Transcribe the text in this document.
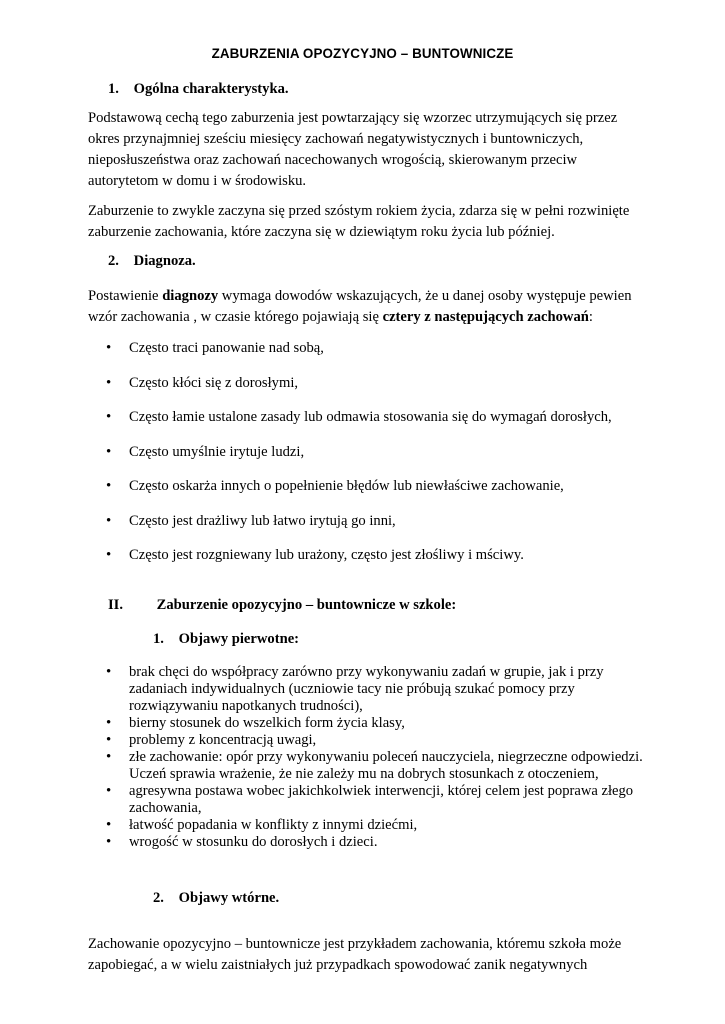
ZABURZENIA OPOZYCYJNO – BUNTOWNICZE
1. Ogólna charakterystyka.

Podstawową cechą tego zaburzenia jest powtarzający się wzorzec utrzymujących się przez okres przynajmniej sześciu miesięcy zachowań negatywistycznych i buntowniczych, nieposłuszeństwa oraz zachowań nacechowanych wrogością, skierowanym przeciw autorytetom w domu i w środowisku.

Zaburzenie to zwykle zaczyna się przed szóstym rokiem życia, zdarza się w pełni rozwinięte zaburzenie zachowania, które zaczyna się w dziewiątym roku życia lub później.

2. Diagnoza.

Postawienie diagnozy wymaga dowodów wskazujących, że u danej osoby występuje pewien wzór zachowania , w czasie którego pojawiają się cztery z następujących zachowań:

• Często traci panowanie nad sobą,
• Często kłóci się z dorosłymi,
• Często łamie ustalone zasady lub odmawia stosowania się do wymagań dorosłych,
• Często umyślnie irytuje ludzi,
• Często oskarża innych o popełnienie błędów lub niewłaściwe zachowanie,
• Często jest drażliwy lub łatwo irytują go inni,
• Często jest rozgniewany lub urażony, często jest złośliwy i mściwy.
II. Zaburzenie opozycyjno – buntownicze w szkole:
1. Objawy pierwotne:
• brak chęci do współpracy zarówno przy wykonywaniu zadań w grupie, jak i przy zadaniach indywidualnych (uczniowie tacy nie próbują szukać pomocy przy rozwiązywaniu napotkanych trudności),
• bierny stosunek do wszelkich form życia klasy,
• problemy z koncentracją uwagi,
• złe zachowanie: opór przy wykonywaniu poleceń nauczyciela, niegrzeczne odpowiedzi. Uczeń sprawia wrażenie, że nie zależy mu na dobrych stosunkach z otoczeniem,
• agresywna postawa wobec jakichkolwiek interwencji, której celem jest poprawa złego zachowania,
• łatwość popadania w konflikty z innymi dziećmi,
• wrogość w stosunku do dorosłych i dzieci.
2. Objawy wtórne.

Zachowanie opozycyjno – buntownicze jest przykładem zachowania, któremu szkoła może zapobiegać, a w wielu zaistniałych już przypadkach spowodować zanik negatywnych
